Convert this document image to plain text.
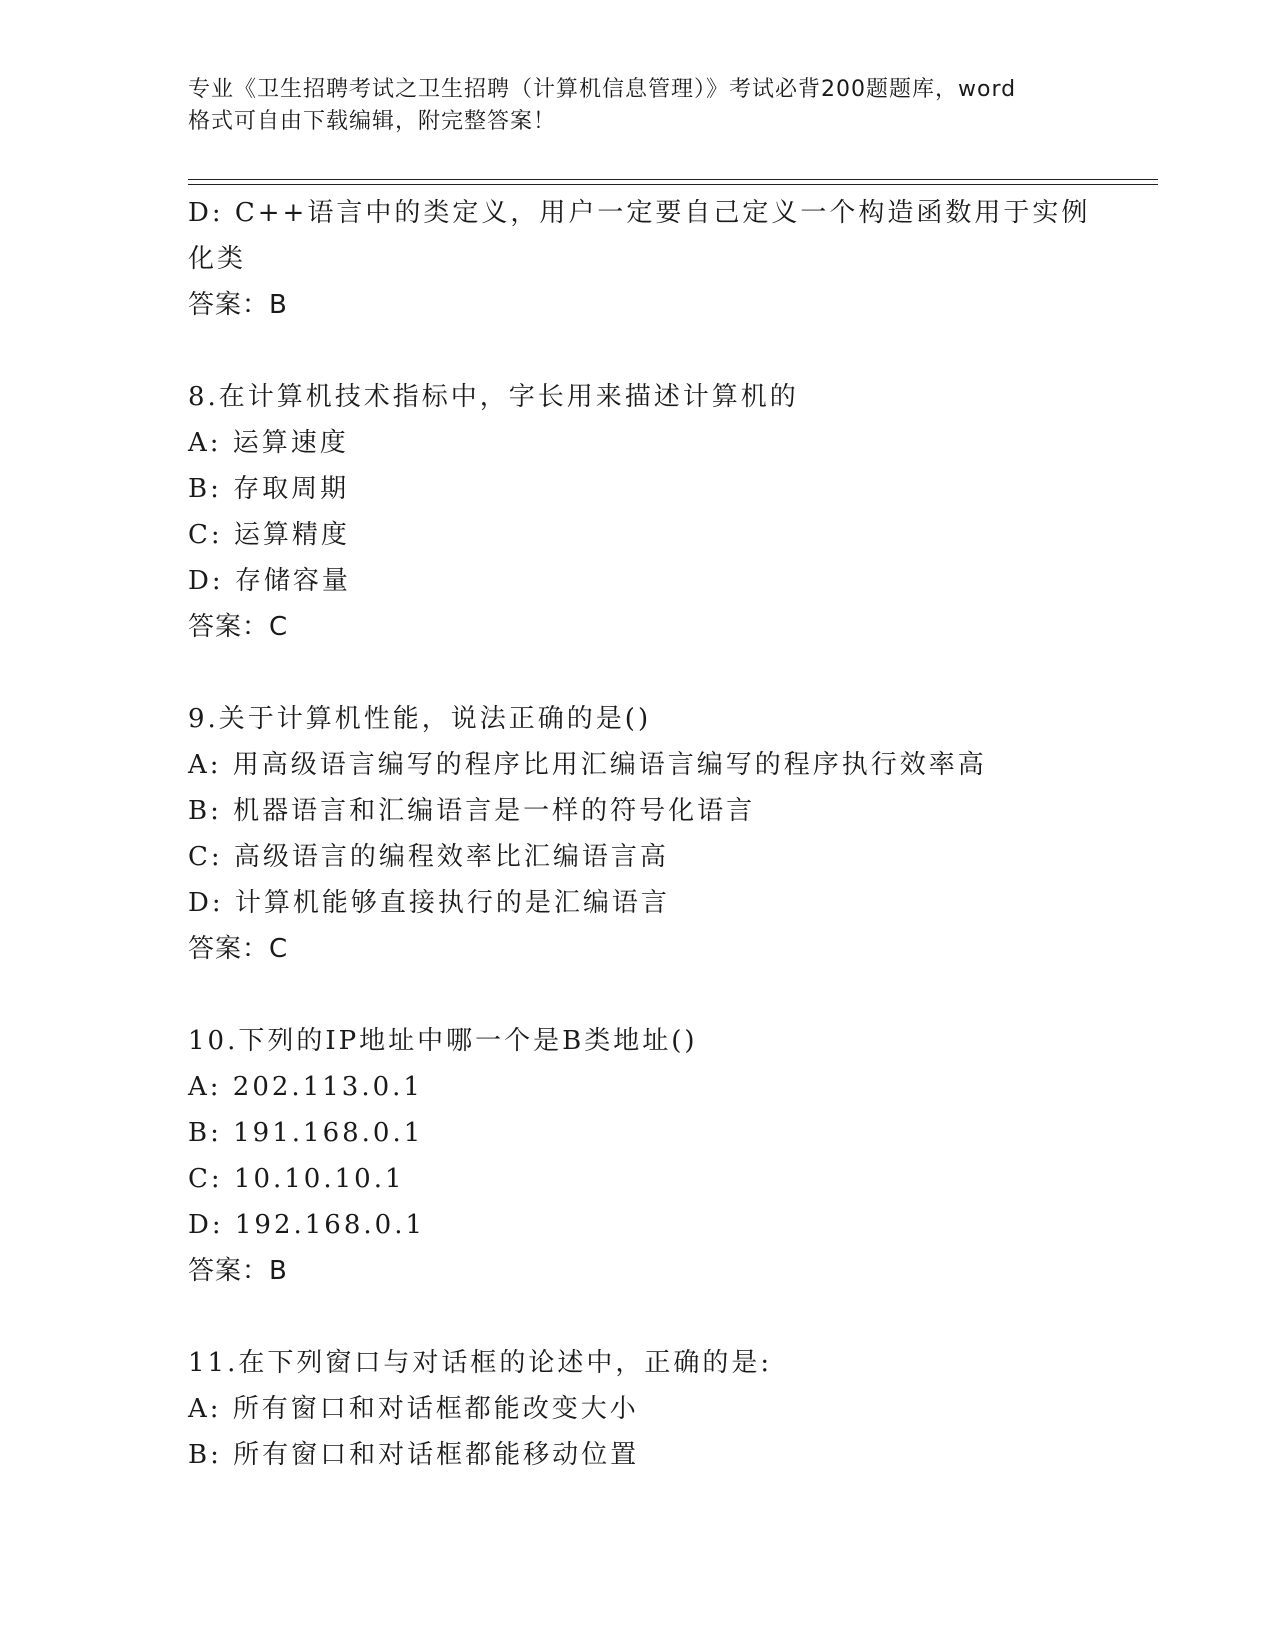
专业《卫生招聘考试之卫生招聘（计算机信息管理）》考试必背200题题库，word
格式可自由下载编辑，附完整答案！
D: C++语言中的类定义，用户一定要自己定义一个构造函数用于实例
化类
答案：B
8.在计算机技术指标中，字长用来描述计算机的
A: 运算速度
B: 存取周期
C: 运算精度
D: 存储容量
答案：C
9.关于计算机性能，说法正确的是()
A: 用高级语言编写的程序比用汇编语言编写的程序执行效率高
B: 机器语言和汇编语言是一样的符号化语言
C: 高级语言的编程效率比汇编语言高
D: 计算机能够直接执行的是汇编语言
答案：C
10.下列的IP地址中哪一个是B类地址()
A: 202.113.0.1
B: 191.168.0.1
C: 10.10.10.1
D: 192.168.0.1
答案：B
11.在下列窗口与对话框的论述中，正确的是:
A: 所有窗口和对话框都能改变大小
B: 所有窗口和对话框都能移动位置
